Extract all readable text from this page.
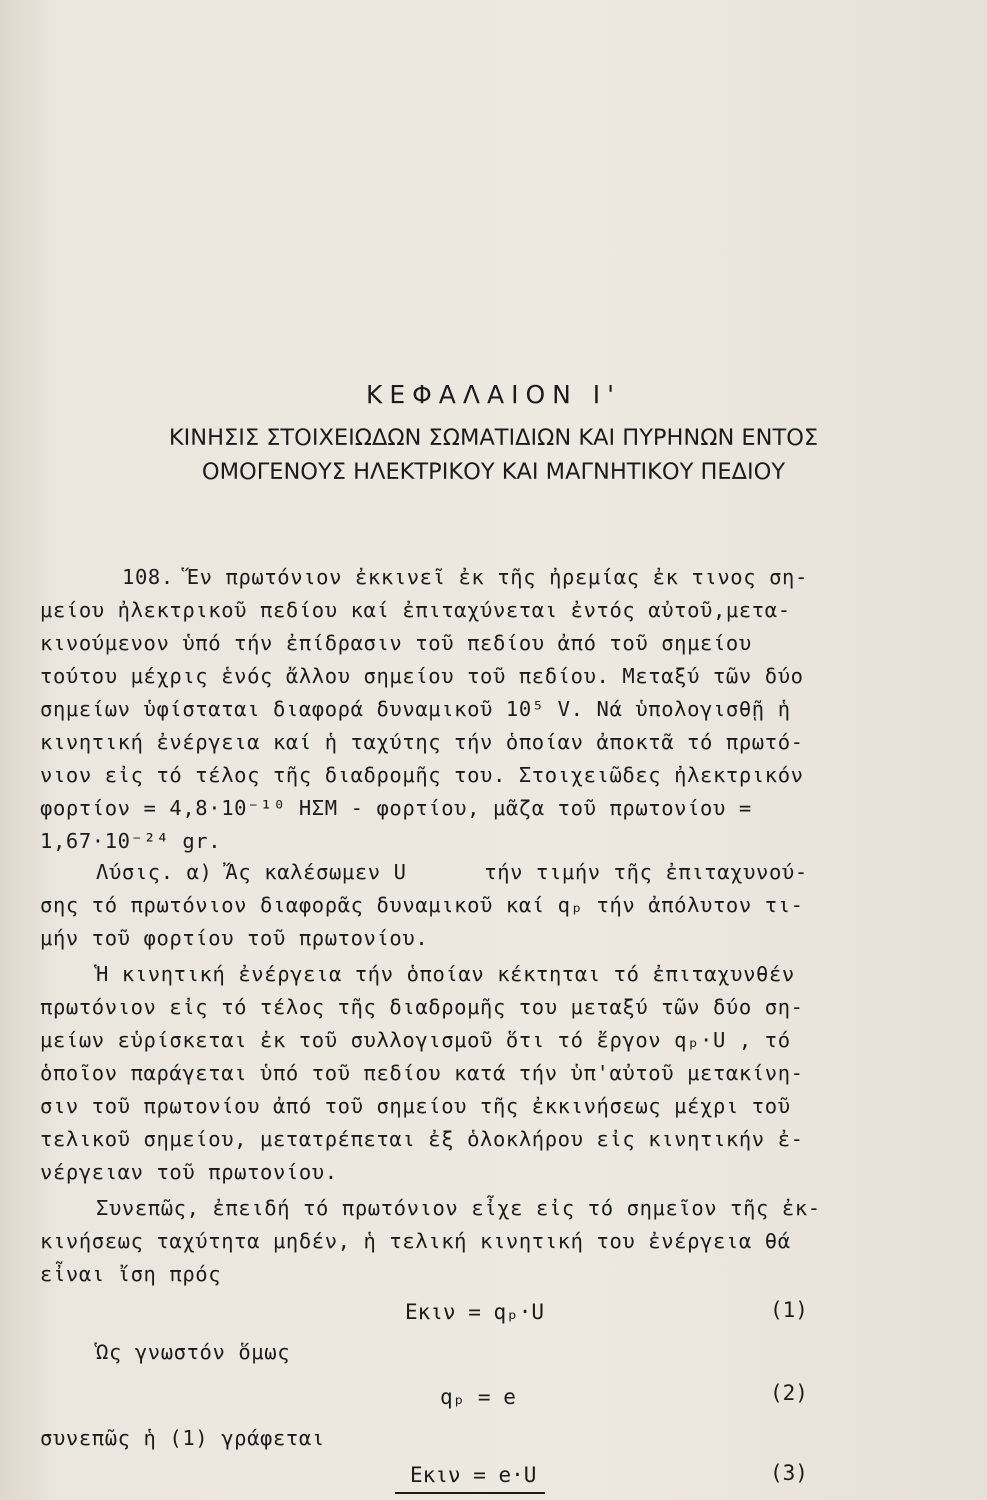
ΚΕΦΑΛΑΙΟΝ Ι'
ΚΙΝΗΣΙΣ ΣΤΟΙΧΕΙΩΔΩΝ ΣΩΜΑΤΙΔΙΩΝ ΚΑΙ ΠΥΡΗΝΩΝ ΕΝΤΟΣ
ΟΜΟΓΕΝΟΥΣ ΗΛΕΚΤΡΙΚΟΥ ΚΑΙ ΜΑΓΝΗΤΙΚΟΥ ΠΕΔΙΟΥ
108. Ἕν πρωτόνιον ἐκκινεῖ ἐκ τῆς ἠρεμίας ἐκ τινος ση-
μείου ἠλεκτρικοῦ πεδίου καί ἐπιταχύνεται ἐντός αὐτοῦ,μετα-
κινούμενον ὑπό τήν ἐπίδρασιν τοῦ πεδίου ἀπό τοῦ σημείου
τούτου μέχρις ἑνός ἄλλου σημείου τοῦ πεδίου. Μεταξύ τῶν δύο
σημείων ὑφίσταται διαφορά δυναμικοῦ 10⁵ V. Νά ὑπολογισθῇ ἡ
κινητική ἐνέργεια καί ἡ ταχύτης τήν ὁποίαν ἀποκτᾶ τό πρωτό-
νιον εἰς τό τέλος τῆς διαδρομῆς του. Στοιχειῶδες ἠλεκτρικόν
φορτίον = 4,8·10⁻¹⁰ ΗΣΜ - φορτίου, μᾶζα τοῦ πρωτονίου =
1,67·10⁻²⁴ gr.
Λύσις. α) Ἄς καλέσωμεν U      τήν τιμήν τῆς ἐπιταχυνού-
σης τό πρωτόνιον διαφορᾶς δυναμικοῦ καί qₚ τήν ἀπόλυτον τι-
μήν τοῦ φορτίου τοῦ πρωτονίου.
Ἡ κινητική ἐνέργεια τήν ὁποίαν κέκτηται τό ἐπιταχυνθέν
πρωτόνιον εἰς τό τέλος τῆς διαδρομῆς του μεταξύ τῶν δύο ση-
μείων εὑρίσκεται ἐκ τοῦ συλλογισμοῦ ὅτι τό ἔργον qₚ·U , τό
ὁποῖον παράγεται ὑπό τοῦ πεδίου κατά τήν ὑπ'αὐτοῦ μετακίνη-
σιν τοῦ πρωτονίου ἀπό τοῦ σημείου τῆς ἐκκινήσεως μέχρι τοῦ
τελικοῦ σημείου, μετατρέπεται ἐξ ὁλοκλήρου εἰς κινητικήν ἐ-
νέργειαν τοῦ πρωτονίου.
Συνεπῶς, ἐπειδή τό πρωτόνιον εἶχε εἰς τό σημεῖον τῆς ἐκ-
κινήσεως ταχύτητα μηδέν, ἡ τελική κινητική του ἐνέργεια θά
εἶναι ἴση πρός
Eκιν = qₚ·U	(1)
Ὡς γνωστόν ὅμως
qₚ = e	(2)
συνεπῶς ἡ (1) γράφεται
Eκιν = e·U	(3)
